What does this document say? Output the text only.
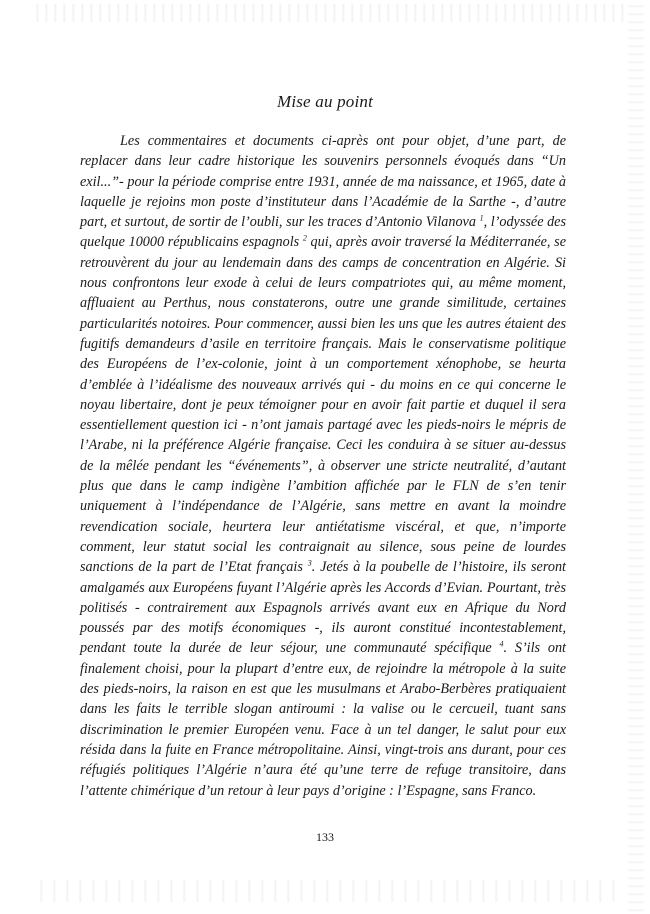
Mise au point

Les commentaires et documents ci-après ont pour objet, d’une part, de replacer dans leur cadre historique les souvenirs personnels évoqués dans “Un exil...”- pour la période comprise entre 1931, année de ma naissance, et 1965, date à laquelle je rejoins mon poste d’instituteur dans l’Académie de la Sarthe -, d’autre part, et surtout, de sortir de l’oubli, sur les traces d’Antonio Vilanova $^1$, l’odyssée des quelque 10000 républicains espagnols $^2$ qui, après avoir traversé la Méditerranée, se retrouvèrent du jour au lendemain dans des camps de concentration en Algérie. Si nous confrontons leur exode à celui de leurs compatriotes qui, au même moment, affluaient au Perthus, nous constaterons, outre une grande similitude, certaines particularités notoires. Pour commencer, aussi bien les uns que les autres étaient des fugitifs demandeurs d’asile en territoire français. Mais le conservatisme politique des Européens de l’ex-colonie, joint à un comportement xénophobe, se heurta d’emblée à l’idéalisme des nouveaux arrivés qui - du moins en ce qui concerne le noyau libertaire, dont je peux témoigner pour en avoir fait partie et duquel il sera essentiellement question ici - n’ont jamais partagé avec les pieds-noirs le mépris de l’Arabe, ni la préférence Algérie française. Ceci les conduira à se situer au-dessus de la mêlée pendant les “événements”, à observer une stricte neutralité, d’autant plus que dans le camp indigène l’ambition affichée par le FLN de s’en tenir uniquement à l’indépendance de l’Algérie, sans mettre en avant la moindre revendication sociale, heurtera leur antiétatisme viscéral, et que, n’importe comment, leur statut social les contraignait au silence, sous peine de lourdes sanctions de la part de l’Etat français $^3$. Jetés à la poubelle de l’histoire, ils seront amalgamés aux Européens fuyant l’Algérie après les Accords d’Evian. Pourtant, très politisés - contrairement aux Espagnols arrivés avant eux en Afrique du Nord poussés par des motifs économiques -, ils auront constitué incontestablement, pendant toute la durée de leur séjour, une communauté spécifique $^4$. S’ils ont finalement choisi, pour la plupart d’entre eux, de rejoindre la métropole à la suite des pieds-noirs, la raison en est que les musulmans et Arabo-Berbères pratiquaient dans les faits le terrible slogan antiroumi : la valise ou le cercueil, tuant sans discrimination le premier Européen venu. Face à un tel danger, le salut pour eux résida dans la fuite en France métropolitaine. Ainsi, vingt-trois ans durant, pour ces réfugiés politiques l’Algérie n’aura été qu’une terre de refuge transitoire, dans l’attente chimérique d’un retour à leur pays d’origine : l’Espagne, sans Franco.

133
